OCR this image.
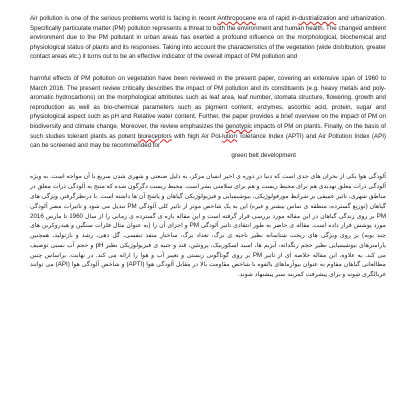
Air pollution is one of the serious problems world is facing in recent Anthropocene era of rapid in-dustrialization and urbanization. Specifically particulate matter (PM) pollution represents a threat to both the environment and human health. The changed ambient environment due to the PM pollutant in urban areas has exerted a profound influence on the morphological, biochemical and physiological status of plants and its responses. Taking into account the characteristics of the vegetation (wide distribution, greater contact areas etc,) it turns out to be an effective indicator of the overall impact of PM pollution and

harmful effects of PM pollution on vegetation have been reviewed in the present paper, covering an extensive span of 1960 to March 2016. The present review critically describes the impact of PM pollution and its constituents (e.g. heavy metals and poly-aromatic hydrocarbons) on the morphological attributes such as leaf area, leaf number, stomata structure, flowering, growth and reproduction as well as bio-chemical parameters such as pigment content, enzymes, ascorbic acid, protein, sugar and physiological aspect such as pH and Relative water content. Further, the paper provides a brief overview on the impact of PM on biodiversity and climate change. Moreover, the review emphasizes the genotypic impacts of PM on plants. Finally, on the basis of such studies tolerant plants as potent bioreceptors with high Air Pol-lution Tolerance Index (APTI) and Air Pollution Index (API) can be screened and may be recommended for

green belt development

آلودگی هوا یکی از بحران های جدی است که دنیا در دوره ی اخیر انسان مرکز، به دلیل صنعتی و شهری شدن سریع با آن مواجه است. به ویژه آلودگی ذرات معلق تهدیدی هم برای محیط زیست و هم برای سلامتی بشر است. محیط زیست دگرگون شده که منتج به آلودگی ذرات معلق در مناطق شهری، تاثیر عمیقی بر شرایط مورفولوژیکی، بیوشیمیایی و فیزیولوژیکی گیاهان و پاسخ آن ها داشته است. با درنظرگرفتن ویژگی های گیاهان (توزیع گسترده، منطقه ی تماس بیشتر و غیره) این به یک شاخص موثر از تاثیر کلی آلودگی PM تبدیل می شود و تاثیرات مضر آلودگی PM بر روی زندگی گیاهان در این مقاله مورد بررسی قرار گرفته است و این مقاله بازه ی گسترده ی زمانی را از سال 1960 تا مارس 2016 مورد پوشش قرار داده است. مقاله ی حاضر به طور انتقادی تاثیر آلودگی PM و اجزای آن را (به عنوان مثال فلزات سنگین و هیدروکربن های چند بویه) بر روی ویژگی های ریخت شناسانه نظیر ناحیه ی برگ، تعداد برگ، ساختار منفذ تنفسی، گل دهی، رشد و بازتولید، همچنین پارامترهای بیوشیمیایی نظیر حجم رنگدانه، آنزیم ها، اسید اسکوربیک، پروتئین، قند و جنبه ی فیزیولوژیکی نظیر pH و حجم آب نسبی توصیف می کند. به علاوه، این مقاله خلاصه ای از تاثیر PM بر روی گوناگونی زیستی و تغییر آب و هوا را ارائه می کند. در نهایت، براساس چنین مطالعاتی گیاهان مقاوم به عنوان بیوآزماهای بالقوه با شاخص مقاومت بالا در مقابل آلودگی هوا (APTI) و شاخص آلودگی هوا (API) می توانند غربالگری شوند و برای پیشرفت کمربند سبز پیشنهاد شوند.
